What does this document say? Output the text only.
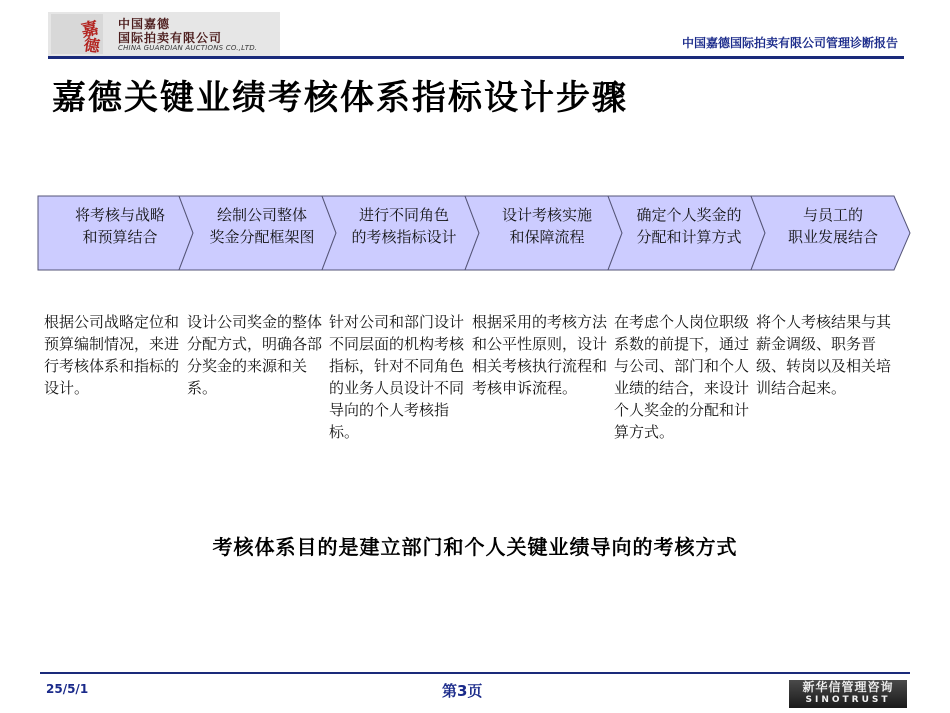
嘉
德
中国嘉德
国际拍卖有限公司
CHINA GUARDIAN AUCTIONS CO.,LTD.	中国嘉德国际拍卖有限公司管理诊断报告
嘉德关键业绩考核体系指标设计步骤
将考核与战略
和预算结合
绘制公司整体
奖金分配框架图
进行不同角色
的考核指标设计
设计考核实施
和保障流程
确定个人奖金的
分配和计算方式
与员工的
职业发展结合
根据公司战略定位和预算编制情况，来进行考核体系和指标的设计。
设计公司奖金的整体分配方式，明确各部分奖金的来源和关系。
针对公司和部门设计不同层面的机构考核指标，针对不同角色的业务人员设计不同导向的个人考核指标。
根据采用的考核方法和公平性原则，设计相关考核执行流程和考核申诉流程。
在考虑个人岗位职级系数的前提下，通过与公司、部门和个人业绩的结合，来设计个人奖金的分配和计算方式。
将个人考核结果与其薪金调级、职务晋级、转岗以及相关培训结合起来。
考核体系目的是建立部门和个人关键业绩导向的考核方式
25/5/1	第3页	新华信管理咨询
SINOTRUST
